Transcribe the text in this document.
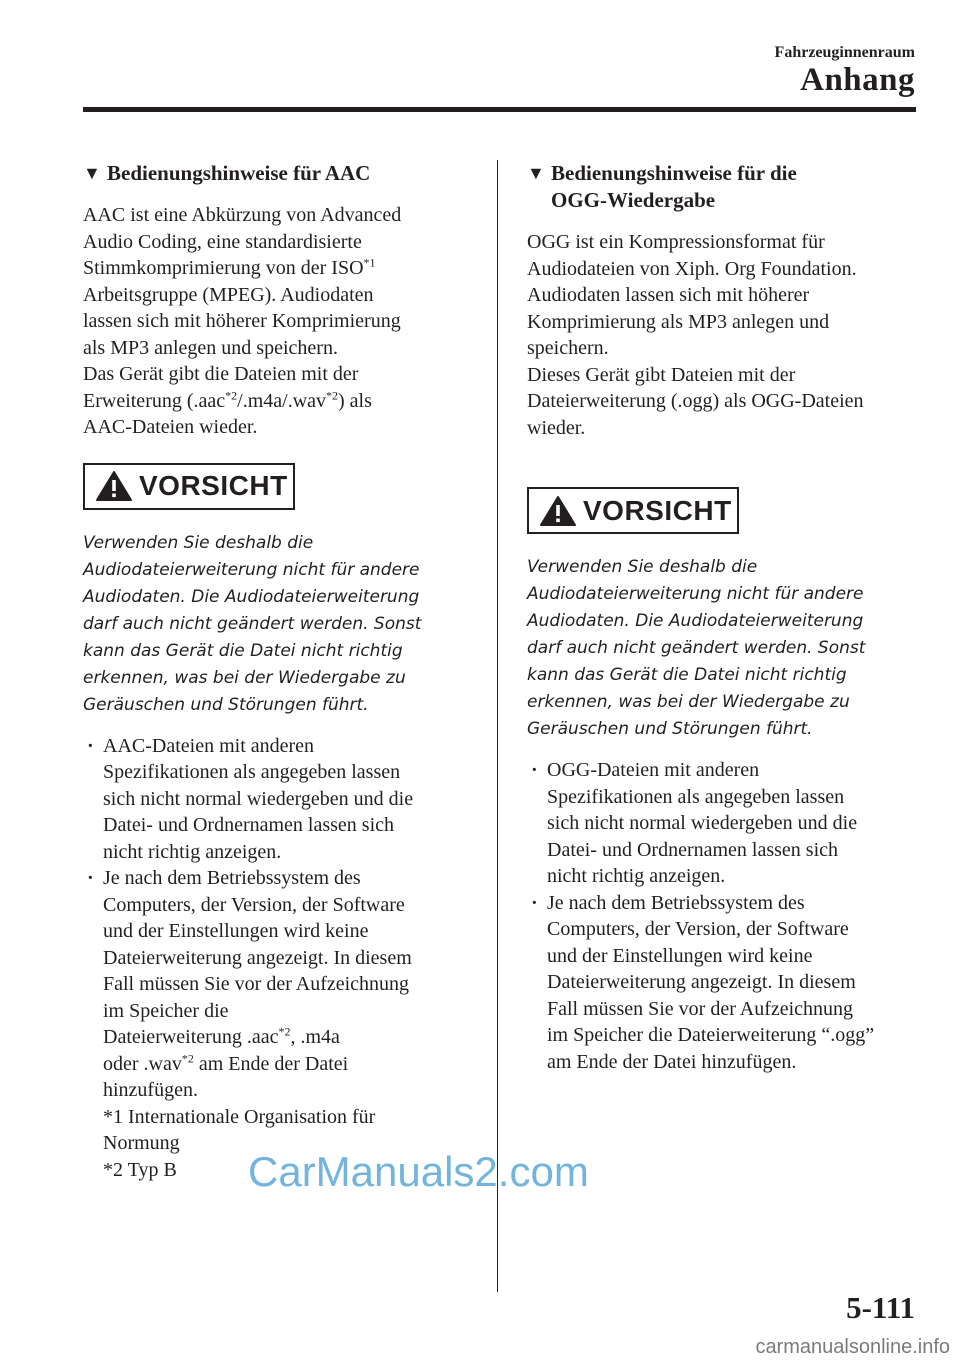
Fahrzeuginnenraum
Anhang
▼ Bedienungshinweise für AAC

AAC ist eine Abkürzung von Advanced

Audio Coding, eine standardisierte

Stimmkomprimierung von der ISO$^{*1}$

Arbeitsgruppe (MPEG). Audiodaten

lassen sich mit höherer Komprimierung

als MP3 anlegen und speichern.

Das Gerät gibt die Dateien mit der

Erweiterung (.aac$^{*2}$/.m4a/.wav$^{*2}$) als

AAC-Dateien wieder.

VORSICHT

Verwenden Sie deshalb die

Audiodateierweiterung nicht für andere

Audiodaten. Die Audiodateierweiterung

darf auch nicht geändert werden. Sonst

kann das Gerät die Datei nicht richtig

erkennen, was bei der Wiedergabe zu

Geräuschen und Störungen führt.

· AAC-Dateien mit anderen

Spezifikationen als angegeben lassen

sich nicht normal wiedergeben und die

Datei- und Ordnernamen lassen sich

nicht richtig anzeigen.

· Je nach dem Betriebssystem des

Computers, der Version, der Software

und der Einstellungen wird keine

Dateierweiterung angezeigt. In diesem

Fall müssen Sie vor der Aufzeichnung

im Speicher die

Dateierweiterung .aac$^{*2}$, .m4a

oder .wav$^{*2}$ am Ende der Datei

hinzufügen.

*1 Internationale Organisation für

Normung

*2 Typ B

▼ Bedienungshinweise für die
OGG-Wiedergabe

OGG ist ein Kompressionsformat für

Audiodateien von Xiph. Org Foundation.

Audiodaten lassen sich mit höherer

Komprimierung als MP3 anlegen und

speichern.

Dieses Gerät gibt Dateien mit der

Dateierweiterung (.ogg) als OGG-Dateien

wieder.

VORSICHT

Verwenden Sie deshalb die

Audiodateierweiterung nicht für andere

Audiodaten. Die Audiodateierweiterung

darf auch nicht geändert werden. Sonst

kann das Gerät die Datei nicht richtig

erkennen, was bei der Wiedergabe zu

Geräuschen und Störungen führt.

· OGG-Dateien mit anderen

Spezifikationen als angegeben lassen

sich nicht normal wiedergeben und die

Datei- und Ordnernamen lassen sich

nicht richtig anzeigen.

· Je nach dem Betriebssystem des

Computers, der Version, der Software

und der Einstellungen wird keine

Dateierweiterung angezeigt. In diesem

Fall müssen Sie vor der Aufzeichnung

im Speicher die Dateierweiterung “.ogg”

am Ende der Datei hinzufügen.

CarManuals2.com
5-111
carmanualsonline.info
